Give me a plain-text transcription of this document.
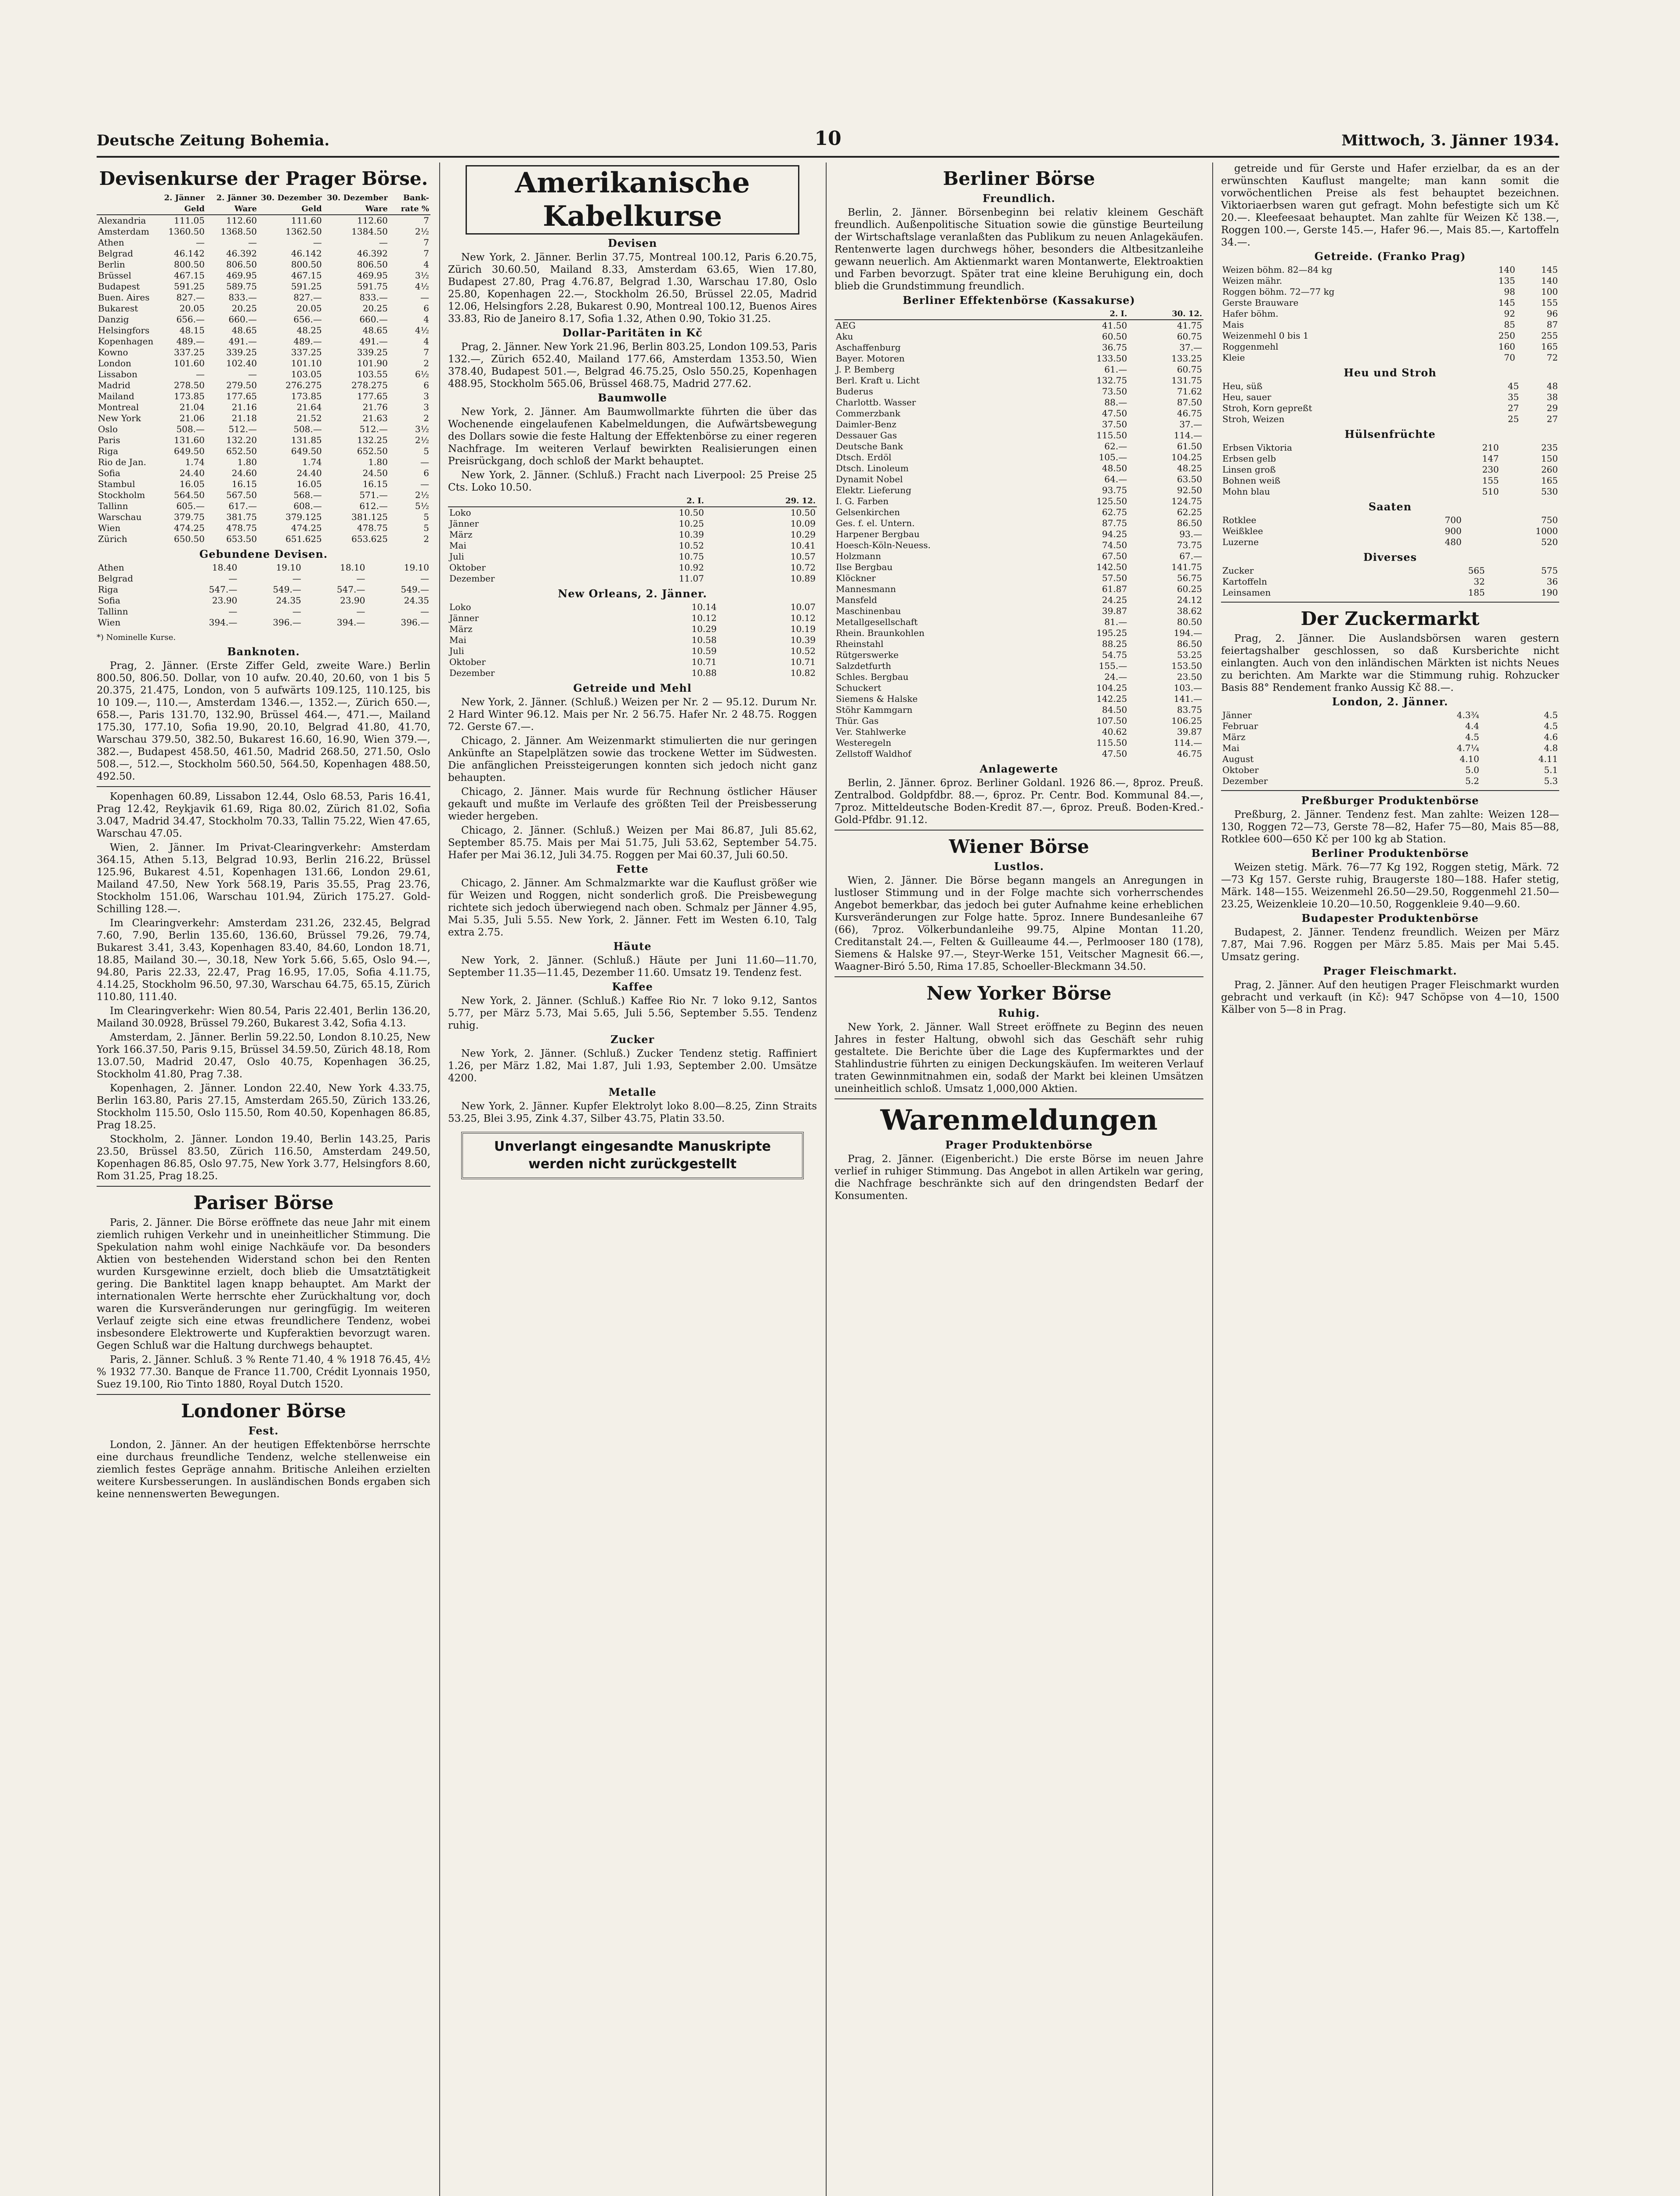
Deutsche Zeitung Bohemia.	10	Mittwoch, 3. Jänner 1934.
Devisenkurse der Prager Börse.
	2. Jänner Geld	2. Jänner Ware	30. Dezember Geld	30. Dezember Ware	Bank-rate %
Alexandria	111.05	112.60	111.60	112.60	7
Amsterdam	1360.50	1368.50	1362.50	1384.50	2½
Athen	—	—	—	—	7
Belgrad	46.142	46.392	46.142	46.392	7
Berlin	800.50	806.50	800.50	806.50	4
Brüssel	467.15	469.95	467.15	469.95	3½
Budapest	591.25	589.75	591.25	591.75	4½
Buen. Aires	827.—	833.—	827.—	833.—	—
Bukarest	20.05	20.25	20.05	20.25	6
Danzig	656.—	660.—	656.—	660.—	4
Helsingfors	48.15	48.65	48.25	48.65	4½
Kopenhagen	489.—	491.—	489.—	491.—	4
Kowno	337.25	339.25	337.25	339.25	7
London	101.60	102.40	101.10	101.90	2
Lissabon	—	—	103.05	103.55	6½
Madrid	278.50	279.50	276.275	278.275	6
Mailand	173.85	177.65	173.85	177.65	3
Montreal	21.04	21.16	21.64	21.76	3
New York	21.06	21.18	21.52	21.63	2
Oslo	508.—	512.—	508.—	512.—	3½
Paris	131.60	132.20	131.85	132.25	2½
Riga	649.50	652.50	649.50	652.50	5
Rio de Jan.	1.74	1.80	1.74	1.80	—
Sofia	24.40	24.60	24.40	24.50	6
Stambul	16.05	16.15	16.05	16.15	—
Stockholm	564.50	567.50	568.—	571.—	2½
Tallinn	605.—	617.—	608.—	612.—	5½
Warschau	379.75	381.75	379.125	381.125	5
Wien	474.25	478.75	474.25	478.75	5
Zürich	650.50	653.50	651.625	653.625	2
Gebundene Devisen.
Athen	18.40	19.10	18.10	19.10
Belgrad	—	—	—	—
Riga	547.—	549.—	547.—	549.—
Sofia	23.90	24.35	23.90	24.35
Tallinn	—	—	—	—
Wien	394.—	396.—	394.—	396.—
*) Nominelle Kurse.
Banknoten.

Prag, 2. Jänner. (Erste Ziffer Geld, zweite Ware.) Berlin 800.50, 806.50. Dollar, von 10 aufw. 20.40, 20.60, von 1 bis 5 20.375, 21.475, London, von 5 aufwärts 109.125, 110.125, bis 10 109.—, 110.—, Amsterdam 1346.—, 1352.—, Zürich 650.—, 658.—, Paris 131.70, 132.90, Brüssel 464.—, 471.—, Mailand 175.30, 177.10, Sofia 19.90, 20.10, Belgrad 41.80, 41.70, Warschau 379.50, 382.50, Bukarest 16.60, 16.90, Wien 379.—, 382.—, Budapest 458.50, 461.50, Madrid 268.50, 271.50, Oslo 508.—, 512.—, Stockholm 560.50, 564.50, Kopenhagen 488.50, 492.50.

Kopenhagen 60.89, Lissabon 12.44, Oslo 68.53, Paris 16.41, Prag 12.42, Reykjavik 61.69, Riga 80.02, Zürich 81.02, Sofia 3.047, Madrid 34.47, Stockholm 70.33, Tallin 75.22, Wien 47.65, Warschau 47.05.

Wien, 2. Jänner. Im Privat-Clearingverkehr: Amsterdam 364.15, Athen 5.13, Belgrad 10.93, Berlin 216.22, Brüssel 125.96, Bukarest 4.51, Kopenhagen 131.66, London 29.61, Mailand 47.50, New York 568.19, Paris 35.55, Prag 23.76, Stockholm 151.06, Warschau 101.94, Zürich 175.27. Gold-Schilling 128.—.

Im Clearingverkehr: Amsterdam 231.26, 232.45, Belgrad 7.60, 7.90, Berlin 135.60, 136.60, Brüssel 79.26, 79.74, Bukarest 3.41, 3.43, Kopenhagen 83.40, 84.60, London 18.71, 18.85, Mailand 30.—, 30.18, New York 5.66, 5.65, Oslo 94.—, 94.80, Paris 22.33, 22.47, Prag 16.95, 17.05, Sofia 4.11.75, 4.14.25, Stockholm 96.50, 97.30, Warschau 64.75, 65.15, Zürich 110.80, 111.40.

Im Clearingverkehr: Wien 80.54, Paris 22.401, Berlin 136.20, Mailand 30.0928, Brüssel 79.260, Bukarest 3.42, Sofia 4.13.

Amsterdam, 2. Jänner. Berlin 59.22.50, London 8.10.25, New York 166.37.50, Paris 9.15, Brüssel 34.59.50, Zürich 48.18, Rom 13.07.50, Madrid 20.47, Oslo 40.75, Kopenhagen 36.25, Stockholm 41.80, Prag 7.38.

Kopenhagen, 2. Jänner. London 22.40, New York 4.33.75, Berlin 163.80, Paris 27.15, Amsterdam 265.50, Zürich 133.26, Stockholm 115.50, Oslo 115.50, Rom 40.50, Kopenhagen 86.85, Prag 18.25.

Stockholm, 2. Jänner. London 19.40, Berlin 143.25, Paris 23.50, Brüssel 83.50, Zürich 116.50, Amsterdam 249.50, Kopenhagen 86.85, Oslo 97.75, New York 3.77, Helsingfors 8.60, Rom 31.25, Prag 18.25.

Pariser Börse

Paris, 2. Jänner. Die Börse eröffnete das neue Jahr mit einem ziemlich ruhigen Verkehr und in uneinheitlicher Stimmung. Die Spekulation nahm wohl einige Nachkäufe vor. Da besonders Aktien von bestehenden Widerstand schon bei den Renten wurden Kursgewinne erzielt, doch blieb die Umsatztätigkeit gering. Die Banktitel lagen knapp behauptet. Am Markt der internationalen Werte herrschte eher Zurückhaltung vor, doch waren die Kursveränderungen nur geringfügig. Im weiteren Verlauf zeigte sich eine etwas freundlichere Tendenz, wobei insbesondere Elektrowerte und Kupferaktien bevorzugt waren. Gegen Schluß war die Haltung durchwegs behauptet.

Paris, 2. Jänner. Schluß. 3 % Rente 71.40, 4 % 1918 76.45, 4½ % 1932 77.30. Banque de France 11.700, Crédit Lyonnais 1950, Suez 19.100, Rio Tinto 1880, Royal Dutch 1520.

Londoner Börse
Fest.

London, 2. Jänner. An der heutigen Effektenbörse herrschte eine durchaus freundliche Tendenz, welche stellenweise ein ziemlich festes Gepräge annahm. Britische Anleihen erzielten weitere Kursbesserungen. In ausländischen Bonds ergaben sich keine nennenswerten Bewegungen.

Amerikanische Kabelkurse
Devisen

New York, 2. Jänner. Berlin 37.75, Montreal 100.12, Paris 6.20.75, Zürich 30.60.50, Mailand 8.33, Amsterdam 63.65, Wien 17.80, Budapest 27.80, Prag 4.76.87, Belgrad 1.30, Warschau 17.80, Oslo 25.80, Kopenhagen 22.—, Stockholm 26.50, Brüssel 22.05, Madrid 12.06, Helsingfors 2.28, Bukarest 0.90, Montreal 100.12, Buenos Aires 33.83, Rio de Janeiro 8.17, Sofia 1.32, Athen 0.90, Tokio 31.25.

Dollar-Paritäten in Kč

Prag, 2. Jänner. New York 21.96, Berlin 803.25, London 109.53, Paris 132.—, Zürich 652.40, Mailand 177.66, Amsterdam 1353.50, Wien 378.40, Budapest 501.—, Belgrad 46.75.25, Oslo 550.25, Kopenhagen 488.95, Stockholm 565.06, Brüssel 468.75, Madrid 277.62.

Baumwolle

New York, 2. Jänner. Am Baumwollmarkte führten die über das Wochenende eingelaufenen Kabelmeldungen, die Aufwärtsbewegung des Dollars sowie die feste Haltung der Effektenbörse zu einer regeren Nachfrage. Im weiteren Verlauf bewirkten Realisierungen einen Preisrückgang, doch schloß der Markt behauptet.

New York, 2. Jänner. (Schluß.) Fracht nach Liverpool: 25 Preise 25 Cts. Loko 10.50.

	2. I.	29. 12.
Loko	10.50	10.50
Jänner	10.25	10.09
März	10.39	10.29
Mai	10.52	10.41
Juli	10.75	10.57
Oktober	10.92	10.72
Dezember	11.07	10.89
New Orleans, 2. Jänner.
Loko	10.14	10.07
Jänner	10.12	10.12
März	10.29	10.19
Mai	10.58	10.39
Juli	10.59	10.52
Oktober	10.71	10.71
Dezember	10.88	10.82
Getreide und Mehl

New York, 2. Jänner. (Schluß.) Weizen per Nr. 2 — 95.12. Durum Nr. 2 Hard Winter 96.12. Mais per Nr. 2 56.75. Hafer Nr. 2 48.75. Roggen 72. Gerste 67.—.

Chicago, 2. Jänner. Am Weizenmarkt stimulierten die nur geringen Ankünfte an Stapelplätzen sowie das trockene Wetter im Südwesten. Die anfänglichen Preissteigerungen konnten sich jedoch nicht ganz behaupten.

Chicago, 2. Jänner. Mais wurde für Rechnung östlicher Häuser gekauft und mußte im Verlaufe des größten Teil der Preisbesserung wieder hergeben.

Chicago, 2. Jänner. (Schluß.) Weizen per Mai 86.87, Juli 85.62, September 85.75. Mais per Mai 51.75, Juli 53.62, September 54.75. Hafer per Mai 36.12, Juli 34.75. Roggen per Mai 60.37, Juli 60.50.

Fette

Chicago, 2. Jänner. Am Schmalzmarkte war die Kauflust größer wie für Weizen und Roggen, nicht sonderlich groß. Die Preisbewegung richtete sich jedoch überwiegend nach oben. Schmalz per Jänner 4.95, Mai 5.35, Juli 5.55. New York, 2. Jänner. Fett im Westen 6.10, Talg extra 2.75.

Häute

New York, 2. Jänner. (Schluß.) Häute per Juni 11.60—11.70, September 11.35—11.45, Dezember 11.60. Umsatz 19. Tendenz fest.

Kaffee

New York, 2. Jänner. (Schluß.) Kaffee Rio Nr. 7 loko 9.12, Santos 5.77, per März 5.73, Mai 5.65, Juli 5.56, September 5.55. Tendenz ruhig.

Zucker

New York, 2. Jänner. (Schluß.) Zucker Tendenz stetig. Raffiniert 1.26, per März 1.82, Mai 1.87, Juli 1.93, September 2.00. Umsätze 4200.

Metalle

New York, 2. Jänner. Kupfer Elektrolyt loko 8.00—8.25, Zinn Straits 53.25, Blei 3.95, Zink 4.37, Silber 43.75, Platin 33.50.

Unverlangt eingesandte Manuskripte werden nicht zurückgestellt
Berliner Börse
Freundlich.

Berlin, 2. Jänner. Börsenbeginn bei relativ kleinem Geschäft freundlich. Außenpolitische Situation sowie die günstige Beurteilung der Wirtschaftslage veranlaßten das Publikum zu neuen Anlagekäufen. Rentenwerte lagen durchwegs höher, besonders die Altbesitzanleihe gewann neuerlich. Am Aktienmarkt waren Montanwerte, Elektroaktien und Farben bevorzugt. Später trat eine kleine Beruhigung ein, doch blieb die Grundstimmung freundlich.

Berliner Effektenbörse (Kassakurse)
	2. I.	30. 12.
AEG	41.50	41.75
Aku	60.50	60.75
Aschaffenburg	36.75	37.—
Bayer. Motoren	133.50	133.25
J. P. Bemberg	61.—	60.75
Berl. Kraft u. Licht	132.75	131.75
Buderus	73.50	71.62
Charlottb. Wasser	88.—	87.50
Commerzbank	47.50	46.75
Daimler-Benz	37.50	37.—
Dessauer Gas	115.50	114.—
Deutsche Bank	62.—	61.50
Dtsch. Erdöl	105.—	104.25
Dtsch. Linoleum	48.50	48.25
Dynamit Nobel	64.—	63.50
Elektr. Lieferung	93.75	92.50
I. G. Farben	125.50	124.75
Gelsenkirchen	62.75	62.25
Ges. f. el. Untern.	87.75	86.50
Harpener Bergbau	94.25	93.—
Hoesch-Köln-Neuess.	74.50	73.75
Holzmann	67.50	67.—
Ilse Bergbau	142.50	141.75
Klöckner	57.50	56.75
Mannesmann	61.87	60.25
Mansfeld	24.25	24.12
Maschinenbau	39.87	38.62
Metallgesellschaft	81.—	80.50
Rhein. Braunkohlen	195.25	194.—
Rheinstahl	88.25	86.50
Rütgerswerke	54.75	53.25
Salzdetfurth	155.—	153.50
Schles. Bergbau	24.—	23.50
Schuckert	104.25	103.—
Siemens & Halske	142.25	141.—
Stöhr Kammgarn	84.50	83.75
Thür. Gas	107.50	106.25
Ver. Stahlwerke	40.62	39.87
Westeregeln	115.50	114.—
Zellstoff Waldhof	47.50	46.75
Anlagewerte

Berlin, 2. Jänner. 6proz. Berliner Goldanl. 1926 86.—, 8proz. Preuß. Zentralbod. Goldpfdbr. 88.—, 6proz. Pr. Centr. Bod. Kommunal 84.—, 7proz. Mitteldeutsche Boden-Kredit 87.—, 6proz. Preuß. Boden-Kred.-Gold-Pfdbr. 91.12.

Wiener Börse
Lustlos.

Wien, 2. Jänner. Die Börse begann mangels an Anregungen in lustloser Stimmung und in der Folge machte sich vorherrschendes Angebot bemerkbar, das jedoch bei guter Aufnahme keine erheblichen Kursveränderungen zur Folge hatte. 5proz. Innere Bundesanleihe 67 (66), 7proz. Völkerbundanleihe 99.75, Alpine Montan 11.20, Creditanstalt 24.—, Felten & Guilleaume 44.—, Perlmooser 180 (178), Siemens & Halske 97.—, Steyr-Werke 151, Veitscher Magnesit 66.—, Waagner-Biró 5.50, Rima 17.85, Schoeller-Bleckmann 34.50.

New Yorker Börse
Ruhig.

New York, 2. Jänner. Wall Street eröffnete zu Beginn des neuen Jahres in fester Haltung, obwohl sich das Geschäft sehr ruhig gestaltete. Die Berichte über die Lage des Kupfermarktes und der Stahlindustrie führten zu einigen Deckungskäufen. Im weiteren Verlauf traten Gewinnmitnahmen ein, sodaß der Markt bei kleinen Umsätzen uneinheitlich schloß. Umsatz 1,000,000 Aktien.

Warenmeldungen
Prager Produktenbörse

Prag, 2. Jänner. (Eigenbericht.) Die erste Börse im neuen Jahre verlief in ruhiger Stimmung. Das Angebot in allen Artikeln war gering, die Nachfrage beschränkte sich auf den dringendsten Bedarf der Konsumenten.

getreide und für Gerste und Hafer erzielbar, da es an der erwünschten Kauflust mangelte; man kann somit die vorwöchentlichen Preise als fest behauptet bezeichnen. Viktoriaerbsen waren gut gefragt. Mohn befestigte sich um Kč 20.—. Kleefeesaat behauptet. Man zahlte für Weizen Kč 138.—, Roggen 100.—, Gerste 145.—, Hafer 96.—, Mais 85.—, Kartoffeln 34.—.

Getreide. (Franko Prag)
Weizen böhm. 82—84 kg	140	145
Weizen mähr.	135	140
Roggen böhm. 72—77 kg	98	100
Gerste Brauware	145	155
Hafer böhm.	92	96
Mais	85	87
Weizenmehl 0 bis 1	250	255
Roggenmehl	160	165
Kleie	70	72
Heu und Stroh
Heu, süß	45	48
Heu, sauer	35	38
Stroh, Korn gepreßt	27	29
Stroh, Weizen	25	27
Hülsenfrüchte
Erbsen Viktoria	210	235
Erbsen gelb	147	150
Linsen groß	230	260
Bohnen weiß	155	165
Mohn blau	510	530
Saaten
Rotklee	700	750
Weißklee	900	1000
Luzerne	480	520
Diverses
Zucker	565	575
Kartoffeln	32	36
Leinsamen	185	190
Der Zuckermarkt

Prag, 2. Jänner. Die Auslandsbörsen waren gestern feiertagshalber geschlossen, so daß Kursberichte nicht einlangten. Auch von den inländischen Märkten ist nichts Neues zu berichten. Am Markte war die Stimmung ruhig. Rohzucker Basis 88° Rendement franko Aussig Kč 88.—.

London, 2. Jänner.
Jänner	4.3¾	4.5
Februar	4.4	4.5
März	4.5	4.6
Mai	4.7¼	4.8
August	4.10	4.11
Oktober	5.0	5.1
Dezember	5.2	5.3
Preßburger Produktenbörse

Preßburg, 2. Jänner. Tendenz fest. Man zahlte: Weizen 128—130, Roggen 72—73, Gerste 78—82, Hafer 75—80, Mais 85—88, Rotklee 600—650 Kč per 100 kg ab Station.

Berliner Produktenbörse

Weizen stetig. Märk. 76—77 Kg 192, Roggen stetig, Märk. 72—73 Kg 157. Gerste ruhig, Braugerste 180—188. Hafer stetig, Märk. 148—155. Weizenmehl 26.50—29.50, Roggenmehl 21.50—23.25, Weizenkleie 10.20—10.50, Roggenkleie 9.40—9.60.

Budapester Produktenbörse

Budapest, 2. Jänner. Tendenz freundlich. Weizen per März 7.87, Mai 7.96. Roggen per März 5.85. Mais per Mai 5.45. Umsatz gering.

Prager Fleischmarkt.

Prag, 2. Jänner. Auf den heutigen Prager Fleischmarkt wurden gebracht und verkauft (in Kč): 947 Schöpse von 4—10, 1500 Kälber von 5—8 in Prag.
